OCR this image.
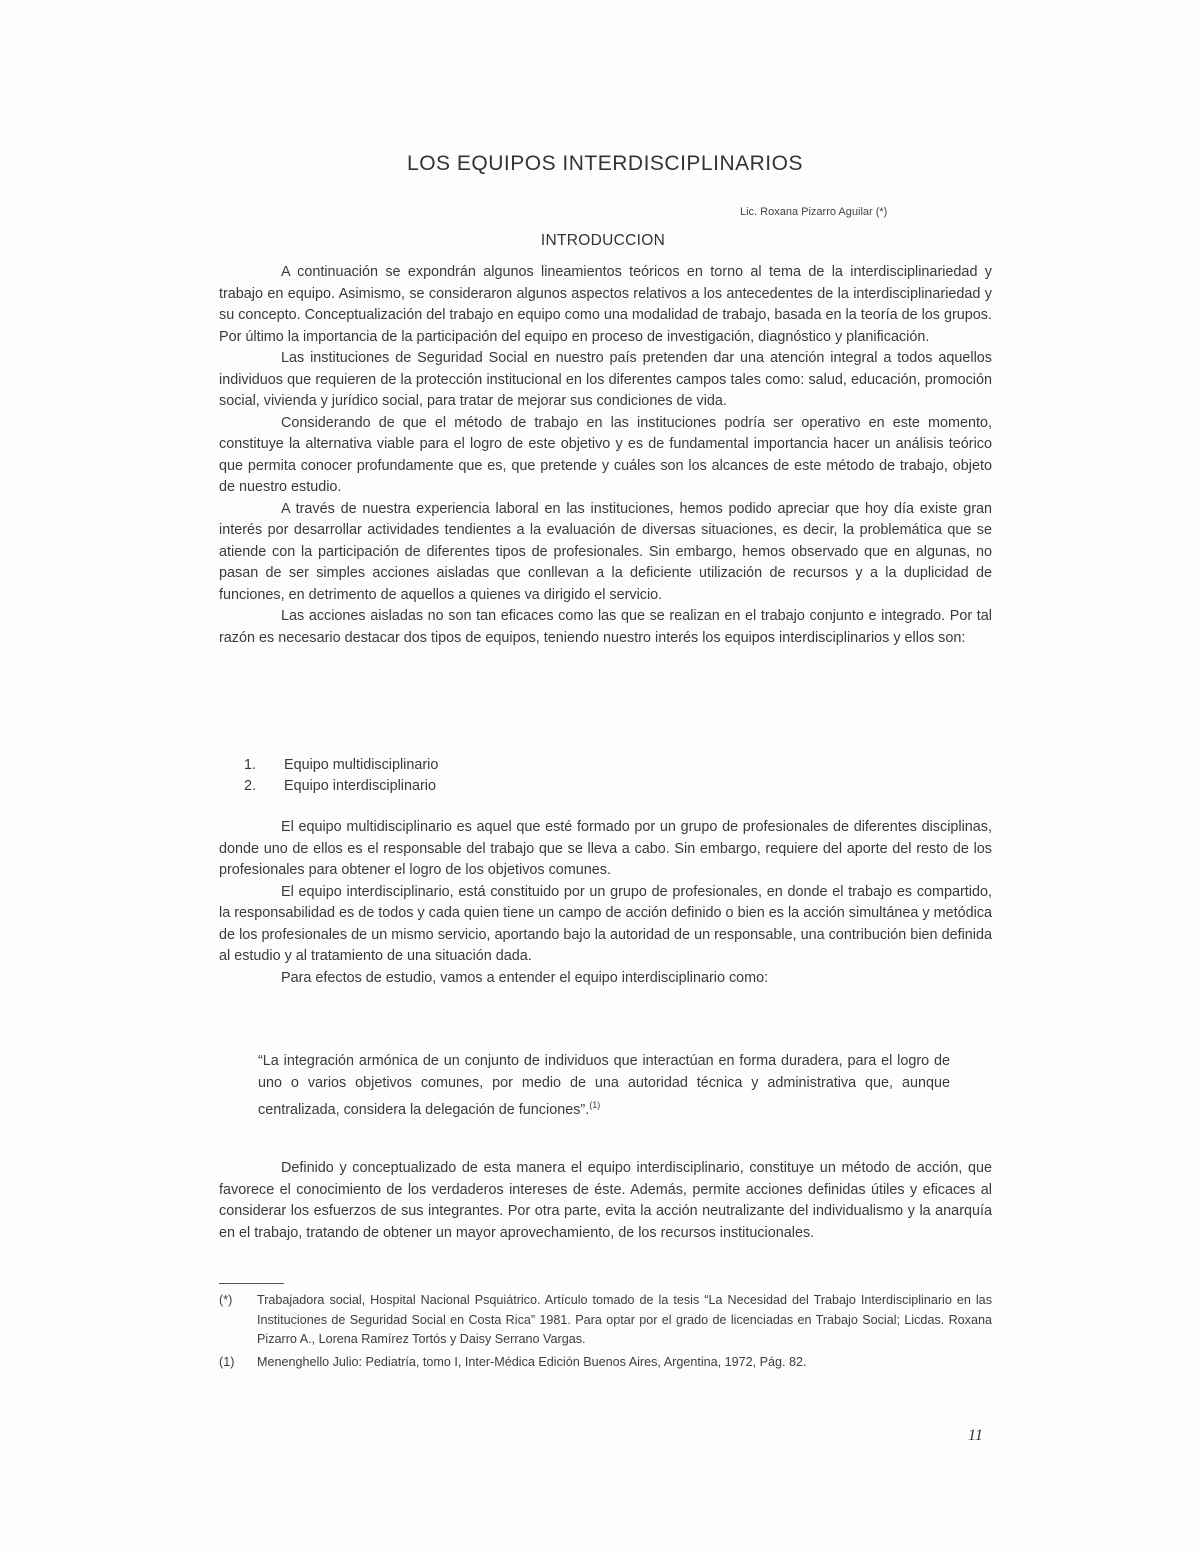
LOS EQUIPOS INTERDISCIPLINARIOS
Lic. Roxana Pizarro Aguilar (*)
INTRODUCCION

A continuación se expondrán algunos lineamientos teóricos en torno al tema de la interdisciplinariedad y trabajo en equipo. Asimismo, se consideraron algunos aspectos relativos a los antecedentes de la interdisciplinariedad y su concepto. Conceptualización del trabajo en equipo como una modalidad de trabajo, basada en la teoría de los grupos. Por último la importancia de la participación del equipo en proceso de investigación, diagnóstico y planificación.

Las instituciones de Seguridad Social en nuestro país pretenden dar una atención integral a todos aquellos individuos que requieren de la protección institucional en los diferentes campos tales como: salud, educación, promoción social, vivienda y jurídico social, para tratar de mejorar sus condiciones de vida.

Considerando de que el método de trabajo en las instituciones podría ser operativo en este momento, constituye la alternativa viable para el logro de este objetivo y es de fundamental importancia hacer un análisis teórico que permita conocer profundamente que es, que pretende y cuáles son los alcances de este método de trabajo, objeto de nuestro estudio.

A través de nuestra experiencia laboral en las instituciones, hemos podido apreciar que hoy día existe gran interés por desarrollar actividades tendientes a la evaluación de diversas situaciones, es decir, la problemática que se atiende con la participación de diferentes tipos de profesionales. Sin embargo, hemos observado que en algunas, no pasan de ser simples acciones aisladas que conllevan a la deficiente utilización de recursos y a la duplicidad de funciones, en detrimento de aquellos a quienes va dirigido el servicio.

Las acciones aisladas no son tan eficaces como las que se realizan en el trabajo conjunto e integrado. Por tal razón es necesario destacar dos tipos de equipos, teniendo nuestro interés los equipos interdisciplinarios y ellos son:

1. Equipo multidisciplinario
2. Equipo interdisciplinario

El equipo multidisciplinario es aquel que esté formado por un grupo de profesionales de diferentes disciplinas, donde uno de ellos es el responsable del trabajo que se lleva a cabo. Sin embargo, requiere del aporte del resto de los profesionales para obtener el logro de los objetivos comunes.

El equipo interdisciplinario, está constituido por un grupo de profesionales, en donde el trabajo es compartido, la responsabilidad es de todos y cada quien tiene un campo de acción definido o bien es la acción simultánea y metódica de los profesionales de un mismo servicio, aportando bajo la autoridad de un responsable, una contribución bien definida al estudio y al tratamiento de una situación dada.

Para efectos de estudio, vamos a entender el equipo interdisciplinario como:

“La integración armónica de un conjunto de individuos que interactúan en forma duradera, para el logro de uno o varios objetivos comunes, por medio de una autoridad técnica y administrativa que, aunque centralizada, considera la delegación de funciones”.$^{(1)}$

Definido y conceptualizado de esta manera el equipo interdisciplinario, constituye un método de acción, que favorece el conocimiento de los verdaderos intereses de éste. Además, permite acciones definidas útiles y eficaces al considerar los esfuerzos de sus integrantes. Por otra parte, evita la acción neutralizante del individualismo y la anarquía en el trabajo, tratando de obtener un mayor aprovechamiento, de los recursos institucionales.

(*)	Trabajadora social, Hospital Nacional Psquiátrico. Artículo tomado de la tesis “La Necesidad del Trabajo Interdisciplinario en las Instituciones de Seguridad Social en Costa Rica” 1981. Para optar por el grado de licenciadas en Trabajo Social; Licdas. Roxana Pizarro A., Lorena Ramírez Tortós y Daisy Serrano Vargas.
(1)	Menenghello Julio: Pediatría, tomo I, Inter-Médica Edición Buenos Aires, Argentina, 1972, Pág. 82.
11
